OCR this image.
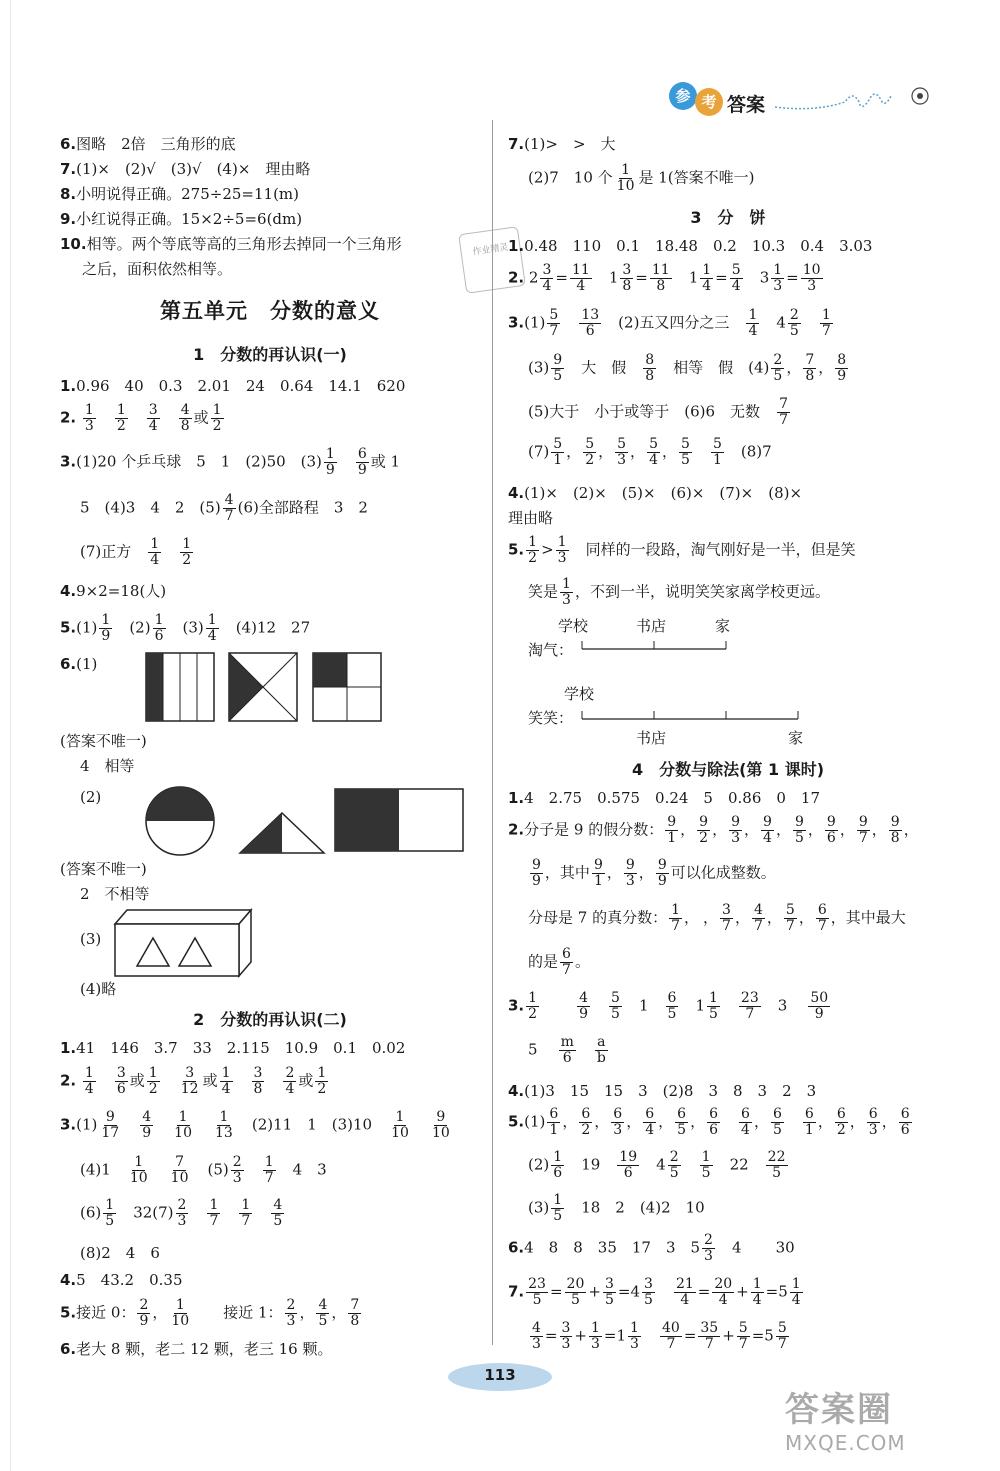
参 考 答案

作业精灵
6.图略　2倍　三角形的底
7.(1)×　(2)√　(3)√　(4)×　理由略
8.小明说得正确。275÷25=11(m)
9.小红说得正确。15×2÷5=6(dm)
10.相等。两个等底等高的三角形去掉同一个三角形
之后，面积依然相等。
第五单元　分数的意义
1　分数的再认识(一)
1.0.96　40　0.3　2.01　24　0.64　14.1　620
2. $\frac{1}{3}$
　 $\frac{1}{2}$
　 $\frac{3}{4}$
　 $\frac{4}{8}$ 或 $\frac{1}{2}$
3.(1)20 个乒乓球　5　1　(2)50　$(3) \frac{1}{9}$
　 $\frac{6}{9}$ 或 1
5　(4)3　4　2　$(5) \frac{4}{7} (6)$全部路程　3　2
(7)正方　 $\frac{1}{4}$
　 $\frac{1}{2}$
4.9×2=18(人)
$5.(1) \frac{1}{9}$
　 $(2) \frac{1}{6}$
　 $(3) \frac{1}{4}$
　 (4)12　27
6.(1)
(答案不唯一)
4　相等
(2)
(答案不唯一)
2　不相等
(3)
(4)略
2　分数的再认识(二)
1.41　146　3.7　33　2.115　10.9　0.1　0.02
2. $\frac{1}{4}$
　 $\frac{3}{6}$ 或 $\frac{1}{2}$
　 $\frac{3}{12}$ 或 $\frac{1}{4}$
　 $\frac{3}{8}$
　 $\frac{2}{4}$ 或 $\frac{1}{2}$
$3.(1) \frac{9}{17}$
　 $\frac{4}{9}$
　 $\frac{1}{10}$
　 $\frac{1}{13}$
　 (2)11　1　(3)10　 $\frac{1}{10}$
　 $\frac{9}{10}$
(4)1　 $\frac{1}{10}$
　 $\frac{7}{10}$
　 $(5) \frac{2}{3}$
　 $\frac{1}{7}$
　 4　3
$(6) \frac{1}{5}$
　 $32(7) \frac{2}{3}$
　 $\frac{1}{7}$
　 $\frac{1}{7}$
　 $\frac{4}{5}$
(8)2　4　6
4.5　43.2　0.35
5.接近 0： $\frac{2}{9}$ ， $\frac{1}{10}$
　　 接近 1： $\frac{2}{3}$ ， $\frac{4}{5}$ ， $\frac{7}{8}$
6.老大 8 颗，老二 12 颗，老三 16 颗。
7.(1)>　>　大
(2)7　10 个 $\frac{1}{10}$ 是 1(答案不唯一)
3　分　饼
1.0.48　110　0.1　18.48　0.2　10.3　0.4　3.03
2. $2 \frac{3}{4} = \frac{11}{4}$
　 $1 \frac{3}{8} = \frac{11}{8}$
　 $1 \frac{1}{4} = \frac{5}{4}$
　 $3 \frac{1}{3} = \frac{10}{3}$
$3.(1) \frac{5}{7}$
　 $\frac{13}{6}$
　 (2)五又四分之三　 $\frac{1}{4}$
　 $4 \frac{2}{5}$
　 $\frac{1}{7}$
$(3) \frac{9}{5}$
　 大　假　 $\frac{8}{8}$
　 相等　假　$(4) \frac{2}{5}$ ， $\frac{7}{8}$ ， $\frac{8}{9}$
(5)大于　小于或等于　(6)6　无数　 $\frac{7}{7}$
$(7) \frac{5}{1}$ ， $\frac{5}{2}$ ， $\frac{5}{3}$ ， $\frac{5}{4}$ ， $\frac{5}{5}$
　 $\frac{5}{1}$
　 (8)7
4.(1)×　(2)×　(5)×　(6)×　(7)×　(8)×
理由略
5. $\frac{1}{2} > \frac{1}{3}$
　 同样的一段路，淘气刚好是一半，但是笑
笑是 $\frac{1}{3}$ ，不到一半，说明笑笑家离学校更远。
学校	书店	家
淘气：
学校
笑笑：
书店	家
4　分数与除法(第 1 课时)
1.4　2.75　0.575　0.24　5　0.86　0　17
2.分子是 9 的假分数： $\frac{9}{1}$ ， $\frac{9}{2}$ ， $\frac{9}{3}$ ， $\frac{9}{4}$ ， $\frac{9}{5}$ ， $\frac{9}{6}$ ， $\frac{9}{7}$ ， $\frac{9}{8}$ ，
$\frac{9}{9}$ ，其中 $\frac{9}{1}$ ， $\frac{9}{3}$ ， $\frac{9}{9}$ 可以化成整数。
分母是 7 的真分数： $\frac{1}{7}$ ， ， $\frac{3}{7}$ ， $\frac{4}{7}$ ， $\frac{5}{7}$ ， $\frac{6}{7}$ ，其中最大
的是 $\frac{6}{7}$ 。
3. $\frac{1}{2}$
　　	$\frac{4}{9}$
　 $\frac{5}{5}$ 　1　 $\frac{6}{5}$
　 $1 \frac{1}{5}$
　 $\frac{23}{7}$
　 3　 $\frac{50}{9}$
5　 $\frac{m}{6}$
　 $\frac{a}{b}$
4.(1)3　15　15　3　(2)8　3　8　3　2　3
$5.(1) \frac{6}{1}$ ， $\frac{6}{2}$ ， $\frac{6}{3}$ ， $\frac{6}{4}$ ， $\frac{6}{5}$ ， $\frac{6}{6}$
　 $\frac{6}{4}$ ， $\frac{6}{5}$
　 $\frac{6}{1}$ ， $\frac{6}{2}$ ， $\frac{6}{3}$ ， $\frac{6}{6}$
$(2) \frac{1}{6}$
　 19　 $\frac{19}{6}$
　 $4 \frac{2}{5}$
　 $\frac{1}{5}$
　 22　 $\frac{22}{5}$
$(3) \frac{1}{5}$
　 18　2　(4)2　10
6.4　8　8　35　17　3　$5 \frac{2}{3}$
　 4　　 30
7. $\frac{23}{5} = \frac{20}{5} + \frac{3}{5} =4 \frac{3}{5}$
　 $\frac{21}{4} = \frac{20}{4} + \frac{1}{4} =5 \frac{1}{4}$
$\frac{4}{3} = \frac{3}{3} + \frac{1}{3} =1 \frac{1}{3}$
　 $\frac{40}{7} = \frac{35}{7} + \frac{5}{7} =5 \frac{5}{7}$
113
答案圈
MXQE.COM
